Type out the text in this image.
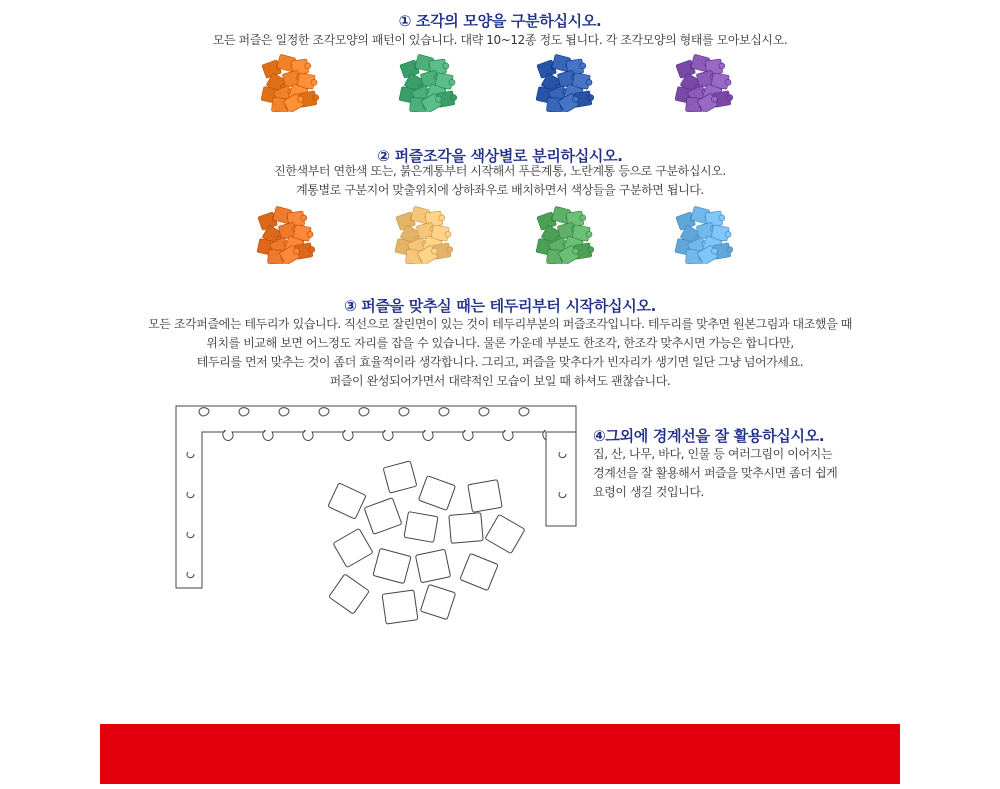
① 조각의 모양을 구분하십시오.
모든 퍼즐은 일정한 조각모양의 패턴이 있습니다. 대략 10~12종 정도 됩니다. 각 조각모양의 형태를 모아보십시오.
② 퍼즐조각을 색상별로 분리하십시오.
진한색부터 연한색 또는, 붉은계통부터 시작해서 푸른계통, 노란계통 등으로 구분하십시오.
계통별로 구분지어 맞출위치에 상하좌우로 배치하면서 색상들을 구분하면 됩니다.
③ 퍼즐을 맞추실 때는 테두리부터 시작하십시오.
모든 조각퍼즐에는 테두리가 있습니다. 직선으로 잘린면이 있는 것이 테두리부분의 퍼즐조각입니다. 테두리를 맞추면 원본그림과 대조했을 때
위치를 비교해 보면 어느정도 자리를 잡을 수 있습니다. 물론 가운데 부분도 한조각, 한조각 맞추시면 가능은 합니다만,
테두리를 먼저 맞추는 것이 좀더 효율적이라 생각합니다. 그리고, 퍼즐을 맞추다가 빈자리가 생기면 일단 그냥 넘어가세요.
퍼즐이 완성되어가면서 대략적인 모습이 보일 때 하셔도 괜찮습니다.
④그외에 경계선을 잘 활용하십시오.
집, 산, 나무, 바다, 인물 등 여러그림이 이어지는
경계선을 잘 활용해서 퍼즐을 맞추시면 좀더 쉽게
요령이 생길 것입니다.
